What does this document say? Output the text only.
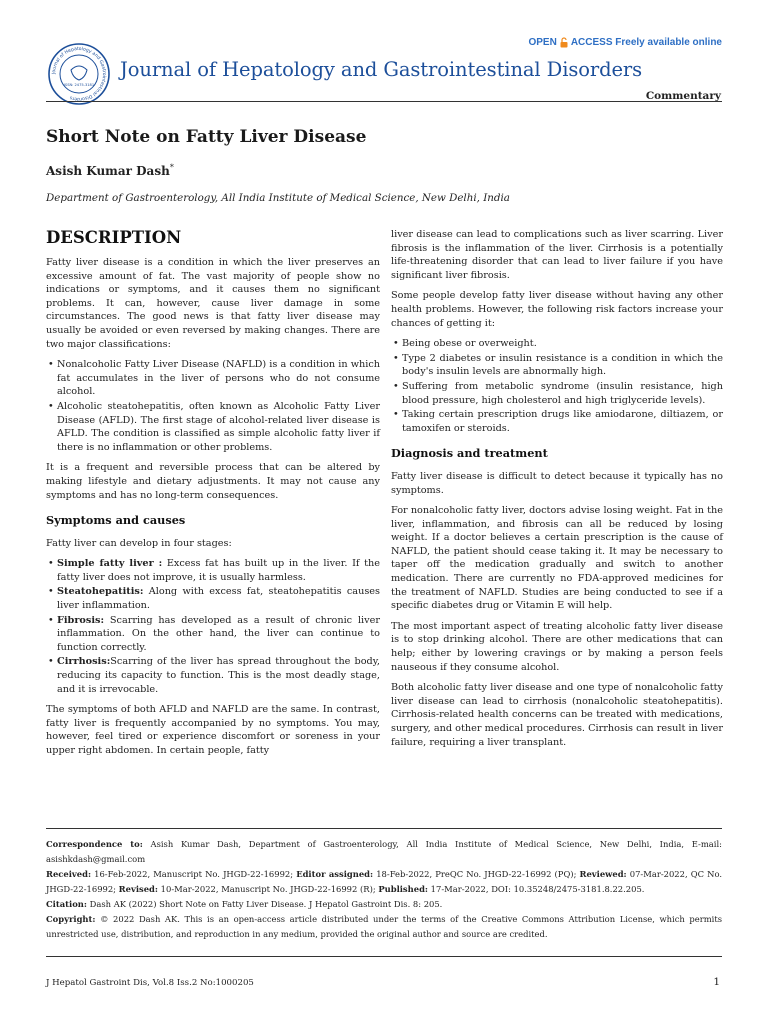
Journal of Hepatology and Gastrointestinal Disorders
ISSN: 2475-3181
Journal of Hepatology and Gastrointestinal Disorders
OPEN ACCESS Freely available online
Commentary
Short Note on Fatty Liver Disease
Asish Kumar Dash*
Department of Gastroenterology, All India Institute of Medical Science, New Delhi, India
DESCRIPTION

Fatty liver disease is a condition in which the liver preserves an excessive amount of fat. The vast majority of people show no indications or symptoms, and it causes them no significant problems. It can, however, cause liver damage in some circumstances. The good news is that fatty liver disease may usually be avoided or even reversed by making changes. There are two major classifications:

• Nonalcoholic Fatty Liver Disease (NAFLD) is a condition in which fat accumulates in the liver of persons who do not consume alcohol.
• Alcoholic steatohepatitis, often known as Alcoholic Fatty Liver Disease (AFLD). The first stage of alcohol-related liver disease is AFLD. The condition is classified as simple alcoholic fatty liver if there is no inflammation or other problems.

It is a frequent and reversible process that can be altered by making lifestyle and dietary adjustments. It may not cause any symptoms and has no long-term consequences.

Symptoms and causes

Fatty liver can develop in four stages:

• Simple fatty liver : Excess fat has built up in the liver. If the fatty liver does not improve, it is usually harmless.
• Steatohepatitis: Along with excess fat, steatohepatitis causes liver inflammation.
• Fibrosis: Scarring has developed as a result of chronic liver inflammation. On the other hand, the liver can continue to function correctly.
• Cirrhosis:Scarring of the liver has spread throughout the body, reducing its capacity to function. This is the most deadly stage, and it is irrevocable.

The symptoms of both AFLD and NAFLD are the same. In contrast, fatty liver is frequently accompanied by no symptoms. You may, however, feel tired or experience discomfort or soreness in your upper right abdomen. In certain people, fatty

liver disease can lead to complications such as liver scarring. Liver fibrosis is the inflammation of the liver. Cirrhosis is a potentially life-threatening disorder that can lead to liver failure if you have significant liver fibrosis.

Some people develop fatty liver disease without having any other health problems. However, the following risk factors increase your chances of getting it:

• Being obese or overweight.
• Type 2 diabetes or insulin resistance is a condition in which the body's insulin levels are abnormally high.
• Suffering from metabolic syndrome (insulin resistance, high blood pressure, high cholesterol and high triglyceride levels).
• Taking certain prescription drugs like amiodarone, diltiazem, or tamoxifen or steroids.
Diagnosis and treatment

Fatty liver disease is difficult to detect because it typically has no symptoms.

For nonalcoholic fatty liver, doctors advise losing weight. Fat in the liver, inflammation, and fibrosis can all be reduced by losing weight. If a doctor believes a certain prescription is the cause of NAFLD, the patient should cease taking it. It may be necessary to taper off the medication gradually and switch to another medication. There are currently no FDA-approved medicines for the treatment of NAFLD. Studies are being conducted to see if a specific diabetes drug or Vitamin E will help.

The most important aspect of treating alcoholic fatty liver disease is to stop drinking alcohol. There are other medications that can help; either by lowering cravings or by making a person feels nauseous if they consume alcohol.

Both alcoholic fatty liver disease and one type of nonalcoholic fatty liver disease can lead to cirrhosis (nonalcoholic steatohepatitis). Cirrhosis-related health concerns can be treated with medications, surgery, and other medical procedures. Cirrhosis can result in liver failure, requiring a liver transplant.

Correspondence to: Asish Kumar Dash, Department of Gastroenterology, All India Institute of Medical Science, New Delhi, India, E-mail: asishkdash@gmail.com

Received: 16-Feb-2022, Manuscript No. JHGD-22-16992; Editor assigned: 18-Feb-2022, PreQC No. JHGD-22-16992 (PQ); Reviewed: 07-Mar-2022, QC No. JHGD-22-16992; Revised: 10-Mar-2022, Manuscript No. JHGD-22-16992 (R); Published: 17-Mar-2022, DOI: 10.35248/2475-3181.8.22.205.

Citation: Dash AK (2022) Short Note on Fatty Liver Disease. J Hepatol Gastroint Dis. 8: 205.

Copyright: © 2022 Dash AK. This is an open-access article distributed under the terms of the Creative Commons Attribution License, which permits unrestricted use, distribution, and reproduction in any medium, provided the original author and source are credited.

J Hepatol Gastroint Dis, Vol.8 Iss.2 No:1000205	1
